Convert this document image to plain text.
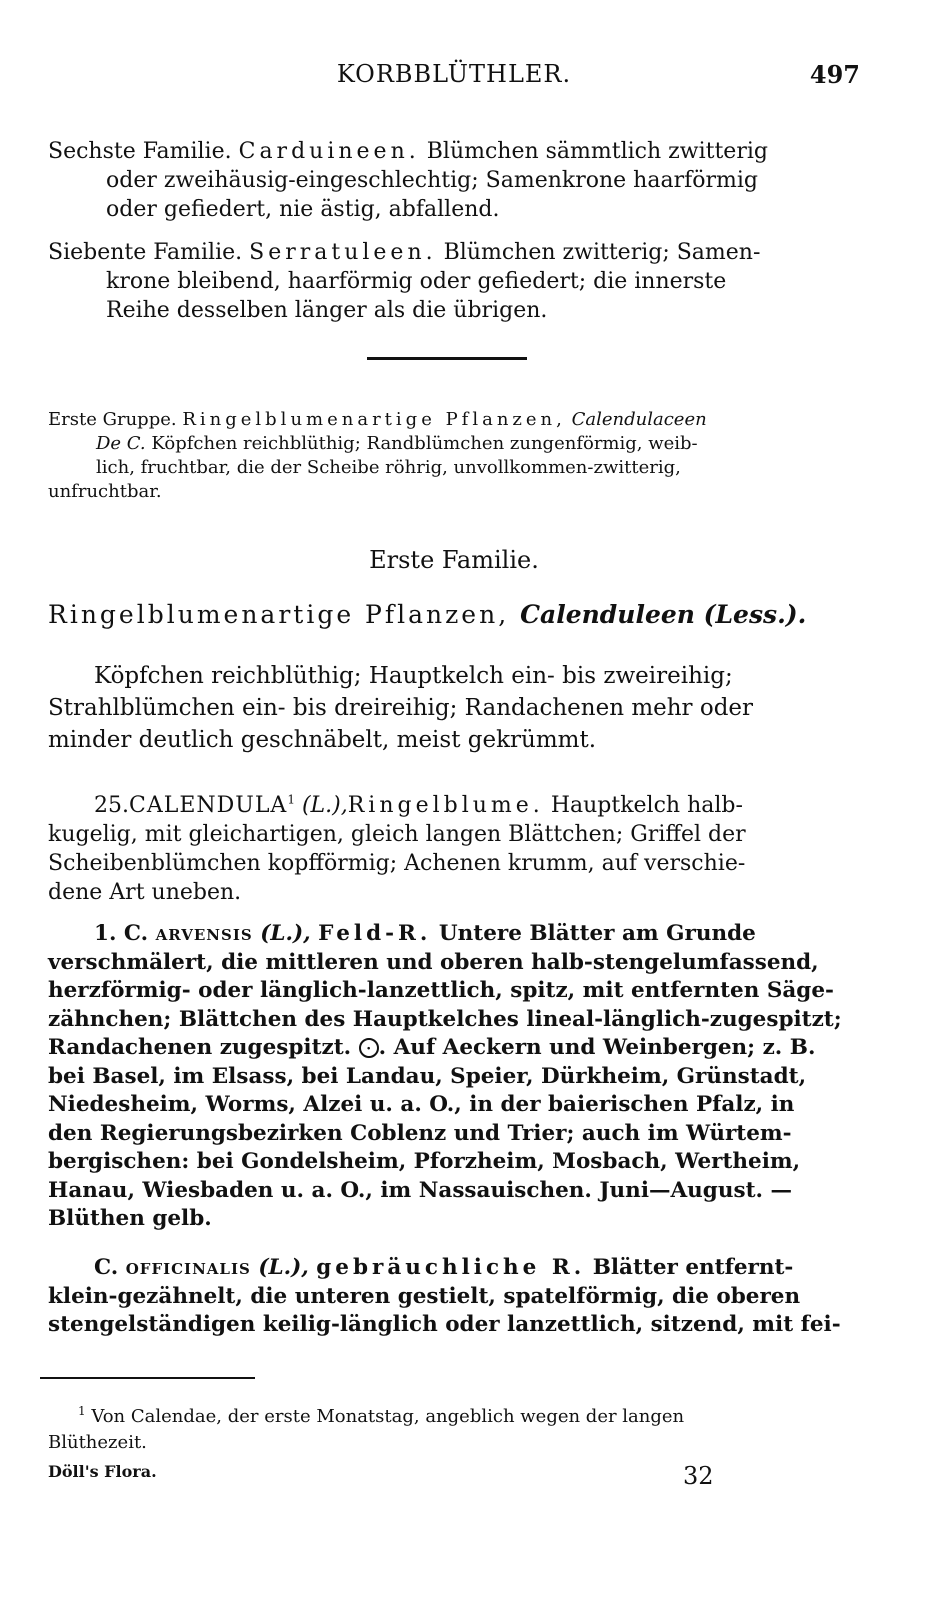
KORBBLÜTHLER.	497
Sechste Familie. Carduineen. Blümchen sämmtlich zwitterig
oder zweihäusig-eingeschlechtig; Samenkrone haarförmig
oder gefiedert, nie ästig, abfallend.
Siebente Familie. Serratuleen. Blümchen zwitterig; Samen-
krone bleibend, haarförmig oder gefiedert; die innerste
Reihe desselben länger als die übrigen.
Erste Gruppe. Ringelblumenartige Pflanzen, Calendulaceen

De C. Köpfchen reichblüthig; Randblümchen zungenförmig, weib-
lich, fruchtbar, die der Scheibe röhrig, unvollkommen-zwitterig,
unfruchtbar.
Erste Familie.
Ringelblumenartige Pflanzen, Calenduleen (Less.).
Köpfchen reichblüthig; Hauptkelch ein- bis zweireihig;
Strahlblümchen ein- bis dreireihig; Randachenen mehr oder
minder deutlich geschnäbelt, meist gekrümmt.
25.CALENDULA$^1$ (L.),Ringelblume. Hauptkelch halb-
kugelig, mit gleichartigen, gleich langen Blättchen; Griffel der
Scheibenblümchen kopfförmig; Achenen krumm, auf verschie-
dene Art uneben.
1. C. arvensis (L.), Feld-R. Untere Blätter am Grunde
verschmälert, die mittleren und oberen halb-stengelumfassend,
herzförmig- oder länglich-lanzettlich, spitz, mit entfernten Säge-
zähnchen; Blättchen des Hauptkelches lineal-länglich-zugespitzt;
Randachenen zugespitzt. · . Auf Aeckern und Weinbergen; z. B.
bei Basel, im Elsass, bei Landau, Speier, Dürkheim, Grünstadt,
Niedesheim, Worms, Alzei u. a. O., in der baierischen Pfalz, in
den Regierungsbezirken Coblenz und Trier; auch im Würtem-
bergischen: bei Gondelsheim, Pforzheim, Mosbach, Wertheim,
Hanau, Wiesbaden u. a. O., im Nassauischen. Juni—August. —
Blüthen gelb.
C. officinalis (L.), gebräuchliche R. Blätter entfernt-
klein-gezähnelt, die unteren gestielt, spatelförmig, die oberen
stengelständigen keilig-länglich oder lanzettlich, sitzend, mit fei-
$^1$ Von Calendae, der erste Monatstag, angeblich wegen der langen
Blüthezeit.
Döll's Flora.	32
